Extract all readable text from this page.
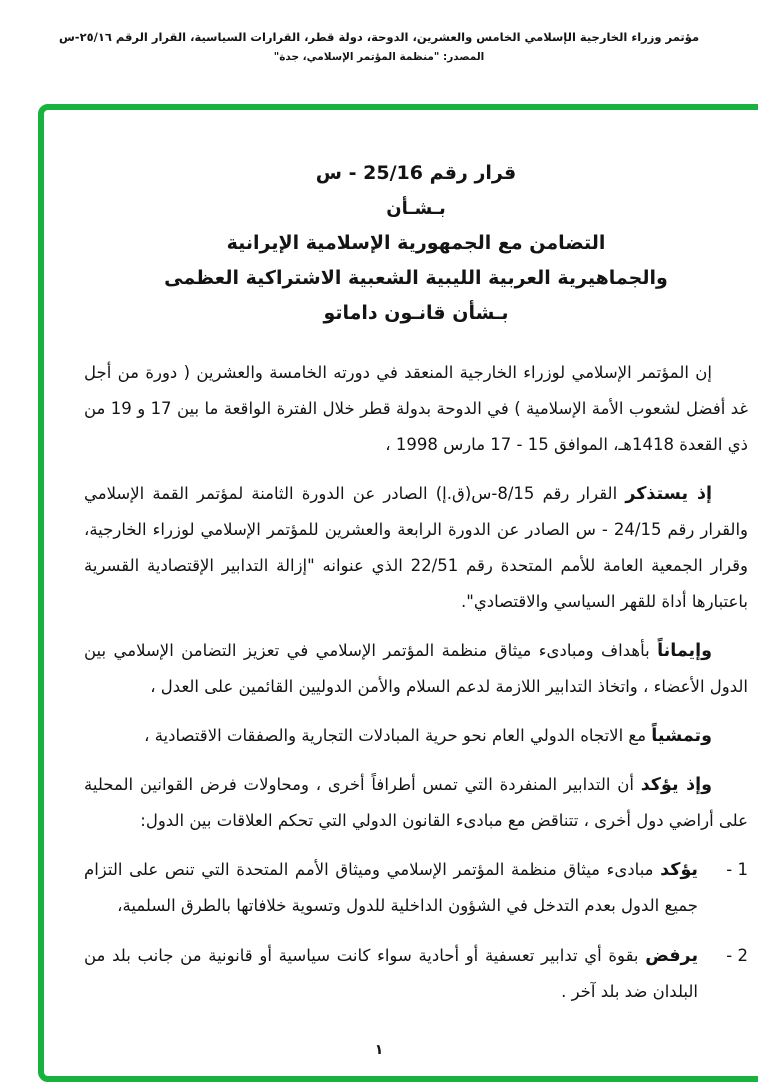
مؤتمر وزراء الخارجية الإسلامي الخامس والعشرين، الدوحة، دولة قطر، القرارات السياسية، القرار الرقم ٢٥/١٦-س
المصدر: "منظمة المؤتمر الإسلامي، جدة"
قرار رقم 25/16 - س
بـشـأن
التضامن مع الجمهورية الإسلامية الإيرانية
والجماهيرية العربية الليبية الشعبية الاشتراكية العظمى
بـشأن قانـون داماتو

إن المؤتمر الإسلامي لوزراء الخارجية المنعقد في دورته الخامسة والعشرين ( دورة من أجل غد أفضل لشعوب الأمة الإسلامية ) في الدوحة بدولة قطر خلال الفترة الواقعة ما بين 17 و 19 من ذي القعدة 1418هـ، الموافق 15 - 17 مارس 1998 ،

إذ يستذكر القرار رقم 8/15-س(ق.إ) الصادر عن الدورة الثامنة لمؤتمر القمة الإسلامي والقرار رقم 24/15 - س الصادر عن الدورة الرابعة والعشرين للمؤتمر الإسلامي لوزراء الخارجية، وقرار الجمعية العامة للأمم المتحدة رقم 22/51 الذي عنوانه "إزالة التدابير الإقتصادية القسرية باعتبارها أداة للقهر السياسي والاقتصادي".

وإيماناً بأهداف ومبادىء ميثاق منظمة المؤتمر الإسلامي في تعزيز التضامن الإسلامي بين الدول الأعضاء ، واتخاذ التدابير اللازمة لدعم السلام والأمن الدوليين القائمين على العدل ،

وتمشياً مع الاتجاه الدولي العام نحو حرية المبادلات التجارية والصفقات الاقتصادية ،

وإذ يؤكد أن التدابير المنفردة التي تمس أطرافاً أخرى ، ومحاولات فرض القوانين المحلية على أراضي دول أخرى ، تتناقض مع مبادىء القانون الدولي التي تحكم العلاقات بين الدول:

1 -
يؤكد مبادىء ميثاق منظمة المؤتمر الإسلامي وميثاق الأمم المتحدة التي تنص على التزام جميع الدول بعدم التدخل في الشؤون الداخلية للدول وتسوية خلافاتها بالطرق السلمية،
2 -
يرفض بقوة أي تدابير تعسفية أو أحادية سواء كانت سياسية أو قانونية من جانب بلد من البلدان ضد بلد آخر .
١
